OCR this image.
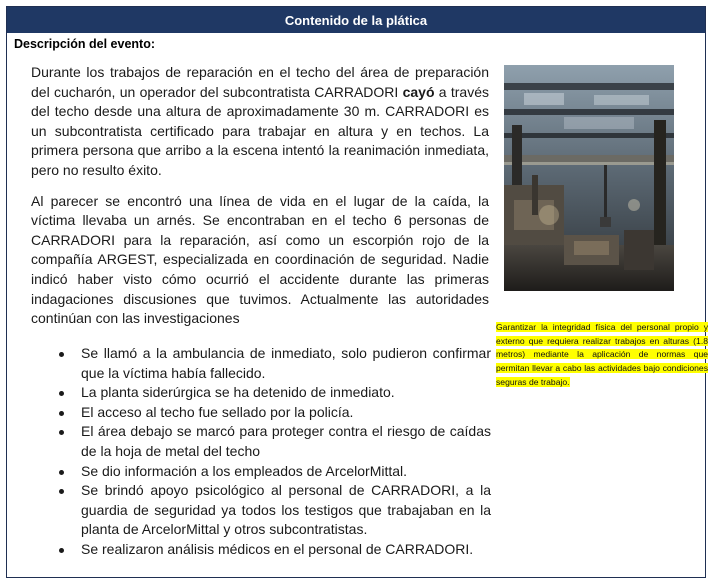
Contenido de la plática
Descripción del evento:

Durante los trabajos de reparación en el techo del área de preparación del cucharón, un operador del subcontratista CARRADORI cayó a través del techo desde una altura de aproximadamente 30 m. CARRADORI es un subcontratista certificado para trabajar en altura y en techos. La primera persona que arribo a la escena intentó la reanimación inmediata, pero no resulto éxito.

Al parecer se encontró una línea de vida en el lugar de la caída, la víctima llevaba un arnés. Se encontraban en el techo 6 personas de CARRADORI para la reparación, así como un escorpión rojo de la compañía ARGEST, especializada en coordinación de seguridad. Nadie indicó haber visto cómo ocurrió el accidente durante las primeras indagaciones discusiones que tuvimos. Actualmente las autoridades continúan con las investigaciones

Se llamó a la ambulancia de inmediato, solo pudieron confirmar que la víctima había fallecido.
La planta siderúrgica se ha detenido de inmediato.
El acceso al techo fue sellado por la policía.
El área debajo se marcó para proteger contra el riesgo de caídas de la hoja de metal del techo
Se dio información a los empleados de ArcelorMittal.
Se brindó apoyo psicológico al personal de CARRADORI, a la guardia de seguridad ya todos los testigos que trabajaban en la planta de ArcelorMittal y otros subcontratistas.
Se realizaron análisis médicos en el personal de CARRADORI.
Garantizar la integridad física del personal propio y externo que requiera realizar trabajos en alturas (1.8 metros) mediante la aplicación de normas que permitan llevar a cabo las actividades bajo condiciones seguras de trabajo.
